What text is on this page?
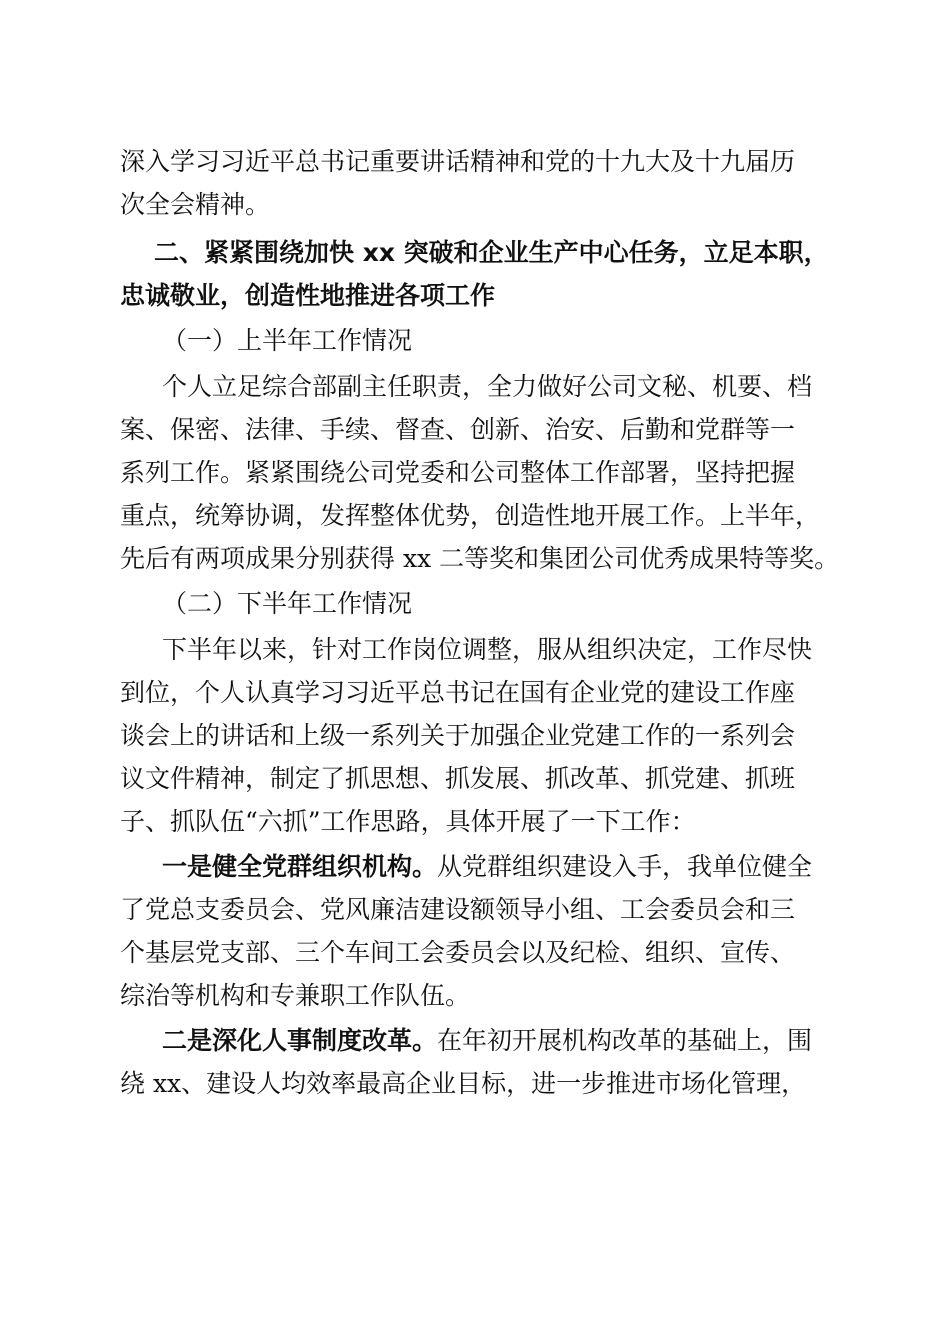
深入学习习近平总书记重要讲话精神和党的十九大及十九届历
次全会精神。

二、紧紧围绕加快 xx 突破和企业生产中心任务，立足本职，
忠诚敬业，创造性地推进各项工作

（一）上半年工作情况

个人立足综合部副主任职责，全力做好公司文秘、机要、档
案、保密、法律、手续、督查、创新、治安、后勤和党群等一
系列工作。紧紧围绕公司党委和公司整体工作部署，坚持把握
重点，统筹协调，发挥整体优势，创造性地开展工作。上半年，
先后有两项成果分别获得 xx 二等奖和集团公司优秀成果特等奖。

（二）下半年工作情况

下半年以来，针对工作岗位调整，服从组织决定，工作尽快
到位，个人认真学习习近平总书记在国有企业党的建设工作座
谈会上的讲话和上级一系列关于加强企业党建工作的一系列会
议文件精神，制定了抓思想、抓发展、抓改革、抓党建、抓班
子、抓队伍“六抓”工作思路，具体开展了一下工作：

一是健全党群组织机构。从党群组织建设入手，我单位健全
了党总支委员会、党风廉洁建设额领导小组、工会委员会和三
个基层党支部、三个车间工会委员会以及纪检、组织、宣传、
综治等机构和专兼职工作队伍。

二是深化人事制度改革。在年初开展机构改革的基础上，围
绕 xx、建设人均效率最高企业目标，进一步推进市场化管理，
